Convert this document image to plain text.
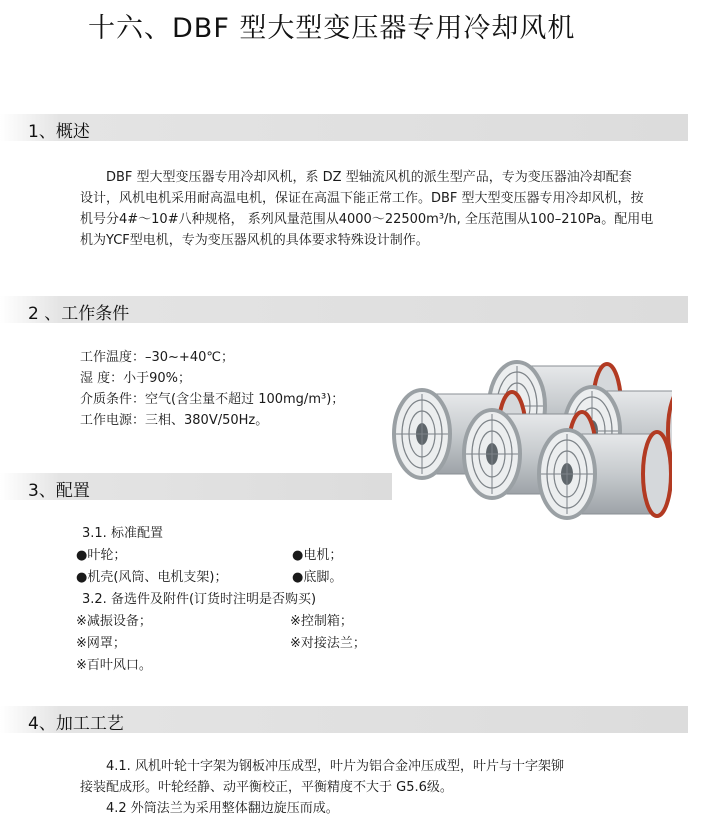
十六、DBF 型大型变压器专用冷却风机
1、概述
DBF 型大型变压器专用冷却风机，系 DZ 型轴流风机的派生型产品，专为变压器油冷却配套
设计，风机电机采用耐高温电机，保证在高温下能正常工作。DBF 型大型变压器专用冷却风机，按
机号分4#～10#八种规格， 系列风量范围从4000～22500m³/h, 全压范围从100–210Pa。配用电
机为YCF型电机，专为变压器风机的具体要求特殊设计制作。
2 、工作条件
工作温度：–30~+40℃；
湿 度：小于90%；
介质条件：空气(含尘量不超过 100mg/m³)；
工作电源：三相、380V/50Hz。
3、配置
3.1. 标准配置
●叶轮；	●电机；
●机壳(风筒、电机支架)；	●底脚。
3.2. 备选件及附件(订货时注明是否购买)
※减振设备；	※控制箱；
※网罩；	※对接法兰；
※百叶风口。
4、加工工艺
4.1. 风机叶轮十字架为钢板冲压成型，叶片为铝合金冲压成型，叶片与十字架铆
接装配成形。叶轮经静、动平衡校正，平衡精度不大于 G5.6级。
4.2 外筒法兰为采用整体翻边旋压而成。
